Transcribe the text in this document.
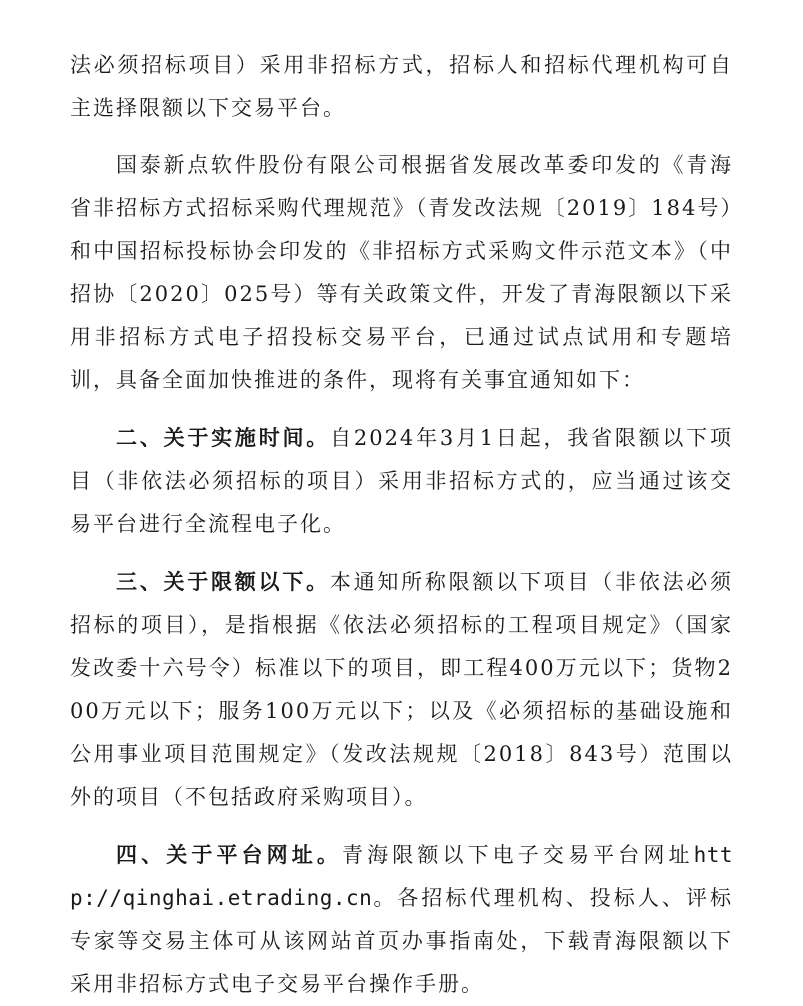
法必须招标项目）采用非招标方式，招标人和招标代理机构可自主选择限额以下交易平台。

国泰新点软件股份有限公司根据省发展改革委印发的《青海省非招标方式招标采购代理规范》（青发改法规〔2019〕184号）和中国招标投标协会印发的《非招标方式采购文件示范文本》（中招协〔2020〕025号）等有关政策文件，开发了青海限额以下采用非招标方式电子招投标交易平台，已通过试点试用和专题培训，具备全面加快推进的条件，现将有关事宜通知如下：

二、关于实施时间。自2024年3月1日起，我省限额以下项目（非依法必须招标的项目）采用非招标方式的，应当通过该交易平台进行全流程电子化。

三、关于限额以下。本通知所称限额以下项目（非依法必须招标的项目），是指根据《依法必须招标的工程项目规定》（国家发改委十六号令）标准以下的项目，即工程400万元以下；货物200万元以下；服务100万元以下；以及《必须招标的基础设施和公用事业项目范围规定》（发改法规规〔2018〕843号）范围以外的项目（不包括政府采购项目）。

四、关于平台网址。青海限额以下电子交易平台网址http://qinghai.etrading.cn。各招标代理机构、投标人、评标专家等交易主体可从该网站首页办事指南处，下载青海限额以下采用非招标方式电子交易平台操作手册。
